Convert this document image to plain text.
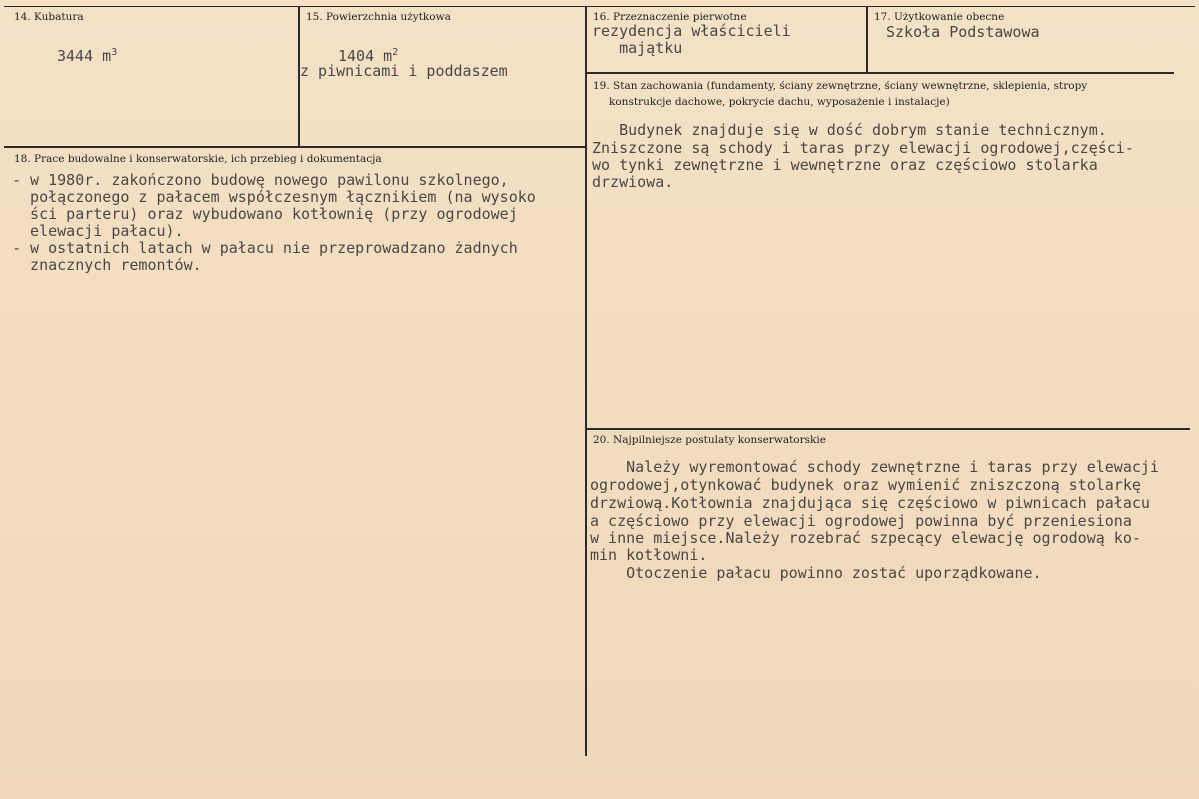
14. Kubatura
3444 $m^3$
15. Powierzchnia użytkowa
1404 $m^2$
z piwnicami i poddaszem
16. Przeznaczenie pierwotne
rezydencja właścicieli
majątku
17. Użytkowanie obecne
Szkoła Podstawowa
18. Prace budowalne i konserwatorskie, ich przebieg i dokumentacja
- w 1980r. zakończono budowę nowego pawilonu szkolnego,
połączonego z pałacem współczesnym łącznikiem (na wysoko
ści parteru) oraz wybudowano kotłownię (przy ogrodowej
elewacji pałacu).
- w ostatnich latach w pałacu nie przeprowadzano żadnych
znacznych remontów.
19. Stan zachowania (fundamenty, ściany zewnętrzne, ściany wewnętrzne, sklepienia, stropy
konstrukcje dachowe, pokrycie dachu, wyposażenie i instalacje)
Budynek znajduje się w dość dobrym stanie technicznym.
Zniszczone są schody i taras przy elewacji ogrodowej,części-
wo tynki zewnętrzne i wewnętrzne oraz częściowo stolarka
drzwiowa.
20. Najpilniejsze postulaty konserwatorskie
Należy wyremontować schody zewnętrzne i taras przy elewacji
ogrodowej,otynkować budynek oraz wymienić zniszczoną stolarkę
drzwiową.Kotłownia znajdująca się częściowo w piwnicach pałacu
a częściowo przy elewacji ogrodowej powinna być przeniesiona
w inne miejsce.Należy rozebrać szpecący elewację ogrodową ko-
min kotłowni.
Otoczenie pałacu powinno zostać uporządkowane.
